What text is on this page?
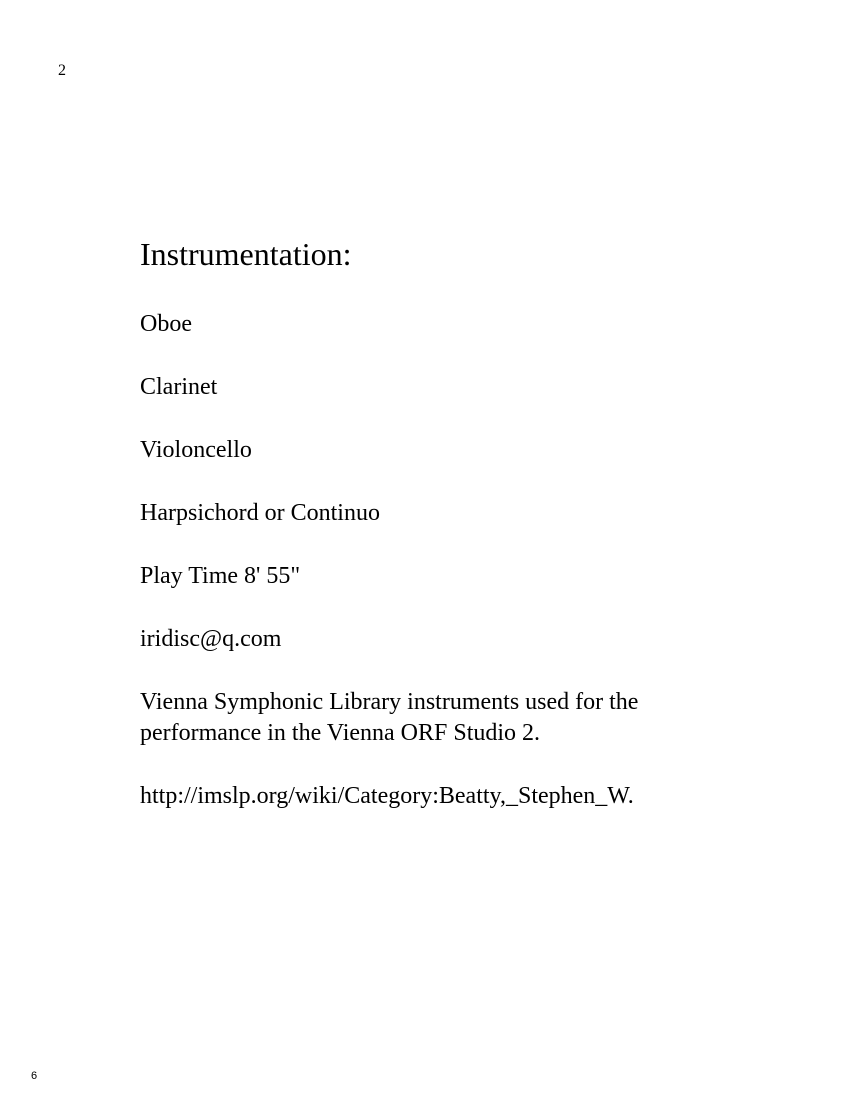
2
Instrumentation:
Oboe
Clarinet
Violoncello
Harpsichord or Continuo
Play Time 8' 55"
iridisc@q.com
Vienna Symphonic Library instruments used for the
performance in the Vienna ORF Studio 2.
http://imslp.org/wiki/Category:Beatty,_Stephen_W.
6
